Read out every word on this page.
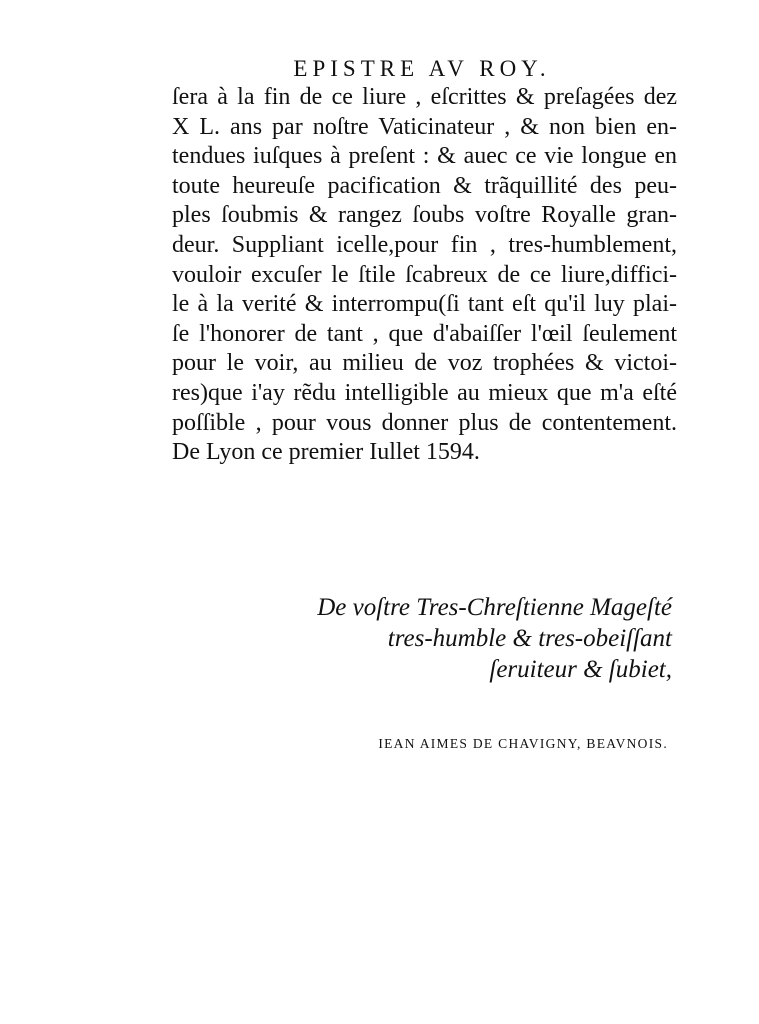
EPISTRE AV ROY.
ſera à la fin de ce liure , eſcrittes & preſagées dez
X L. ans par noſtre Vaticinateur , & non bien en-
tendues iuſques à preſent : & auec ce vie longue en
toute heureuſe pacification & trãquillité des peu-
ples ſoubmis & rangez ſoubs voſtre Royalle gran-
deur. Suppliant icelle,pour fin , tres-humblement,
vouloir excuſer le ſtile ſcabreux de ce liure,diffici-
le à la verité & interrompu(ſi tant eſt qu'il luy plai-
ſe l'honorer de tant , que d'abaiſſer l'œil ſeulement
pour le voir, au milieu de voz trophées & victoi-
res)que i'ay rẽdu intelligible au mieux que m'a eſté
poſſible , pour vous donner plus de contentement.
De Lyon ce premier Iullet 1594.
De voſtre Tres-Chreſtienne Mageſté
tres-humble & tres-obeiſſant
ſeruiteur & ſubiet,
IEAN AIMES DE CHAVIGNY, BEAVNOIS.
